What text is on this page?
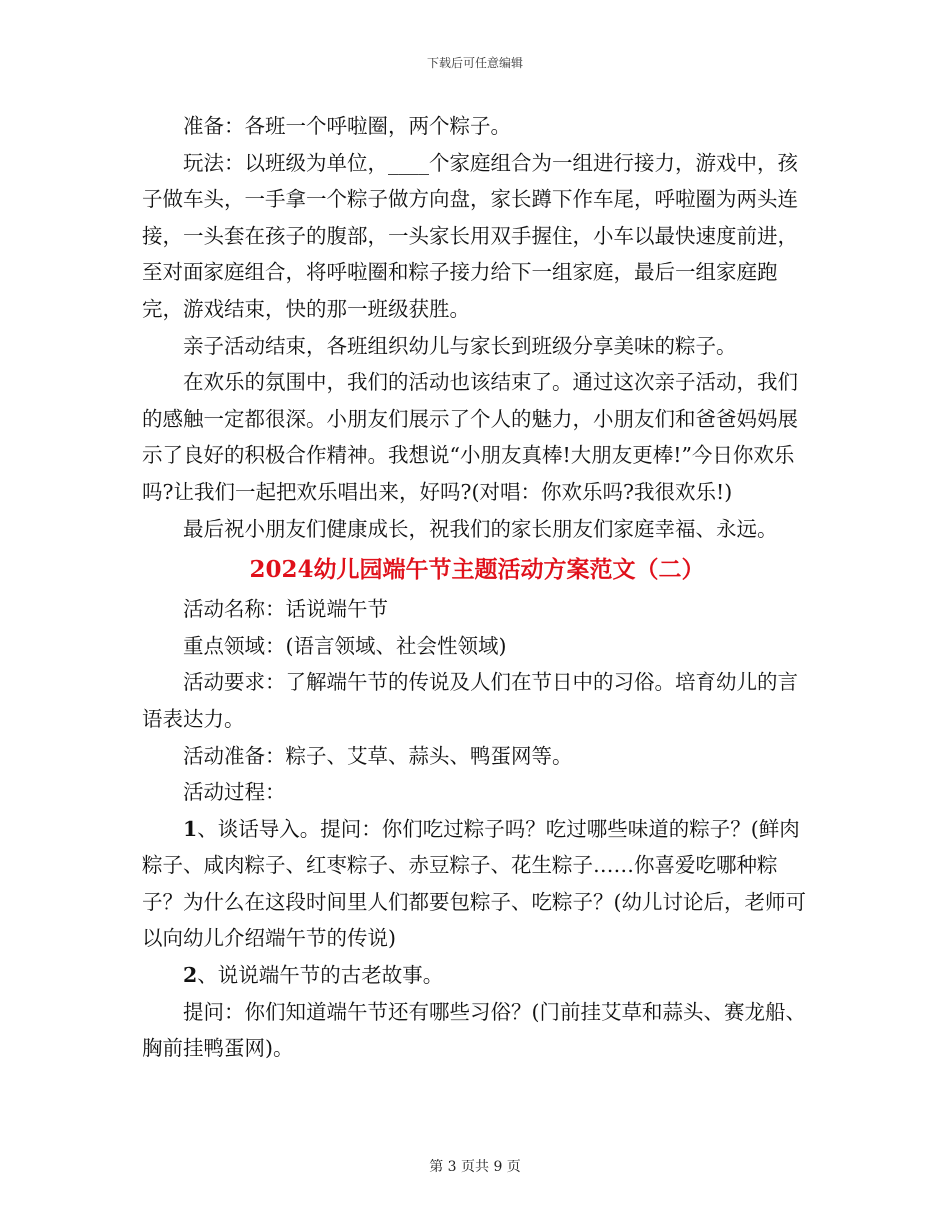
下载后可任意编辑

准备：各班一个呼啦圈，两个粽子。

玩法：以班级为单位，____个家庭组合为一组进行接力，游戏中，孩子做车头，一手拿一个粽子做方向盘，家长蹲下作车尾，呼啦圈为两头连接，一头套在孩子的腹部，一头家长用双手握住，小车以最快速度前进，至对面家庭组合，将呼啦圈和粽子接力给下一组家庭，最后一组家庭跑完，游戏结束，快的那一班级获胜。

亲子活动结束，各班组织幼儿与家长到班级分享美味的粽子。

在欢乐的氛围中，我们的活动也该结束了。通过这次亲子活动，我们的感触一定都很深。小朋友们展示了个人的魅力，小朋友们和爸爸妈妈展示了良好的积极合作精神。我想说“小朋友真棒!大朋友更棒!”今日你欢乐吗?让我们一起把欢乐唱出来，好吗?(对唱：你欢乐吗?我很欢乐!)

最后祝小朋友们健康成长，祝我们的家长朋友们家庭幸福、永远。

2024幼儿园端午节主题活动方案范文（二）

活动名称：话说端午节

重点领域：(语言领域、社会性领域)

活动要求：了解端午节的传说及人们在节日中的习俗。培育幼儿的言语表达力。

活动准备：粽子、艾草、蒜头、鸭蛋网等。

活动过程：

1、谈话导入。提问：你们吃过粽子吗？吃过哪些味道的粽子？(鲜肉粽子、咸肉粽子、红枣粽子、赤豆粽子、花生粽子……你喜爱吃哪种粽子？为什么在这段时间里人们都要包粽子、吃粽子？(幼儿讨论后，老师可以向幼儿介绍端午节的传说)

2、说说端午节的古老故事。

提问：你们知道端午节还有哪些习俗？(门前挂艾草和蒜头、赛龙船、胸前挂鸭蛋网)。

第 3 页共 9 页
